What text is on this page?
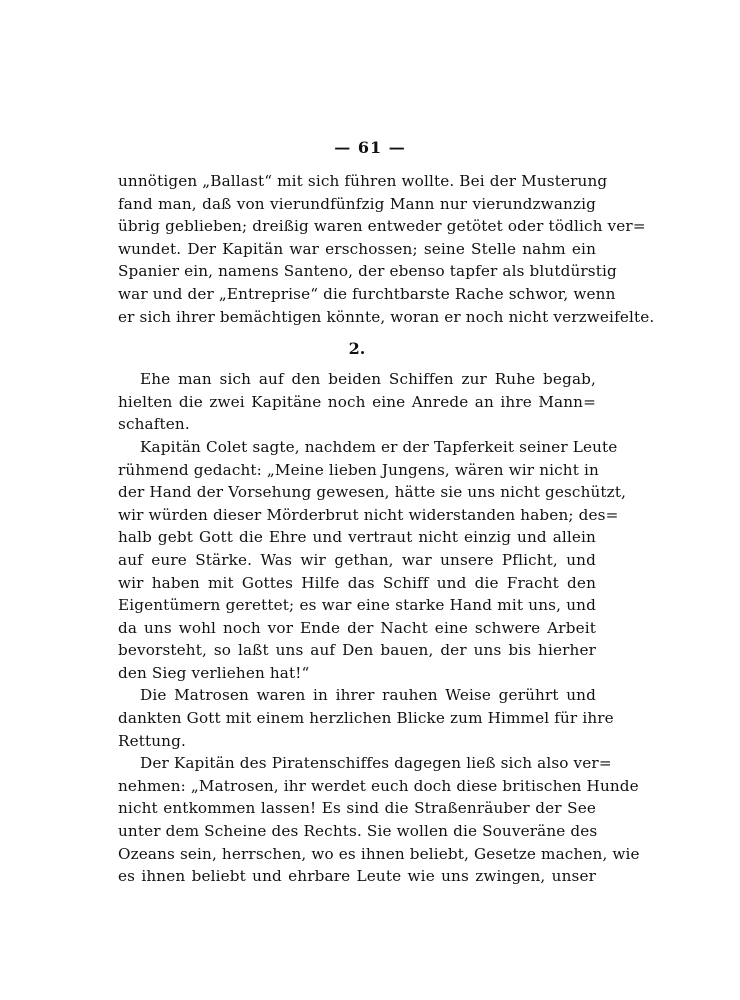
— 61 —
unnötigen „Ballast“ mit sich führen wollte. Bei der Musterung
fand man, daß von vierundfünfzig Mann nur vierundzwanzig
übrig geblieben; dreißig waren entweder getötet oder tödlich ver=
wundet. Der Kapitän war erschossen; seine Stelle nahm ein
Spanier ein, namens Santeno, der ebenso tapfer als blutdürstig
war und der „Entreprise“ die furchtbarste Rache schwor, wenn
er sich ihrer bemächtigen könnte, woran er noch nicht verzweifelte.
2.
Ehe man sich auf den beiden Schiffen zur Ruhe begab,
hielten die zwei Kapitäne noch eine Anrede an ihre Mann=
schaften.
Kapitän Colet sagte, nachdem er der Tapferkeit seiner Leute
rühmend gedacht: „Meine lieben Jungens, wären wir nicht in
der Hand der Vorsehung gewesen, hätte sie uns nicht geschützt,
wir würden dieser Mörderbrut nicht widerstanden haben; des=
halb gebt Gott die Ehre und vertraut nicht einzig und allein
auf eure Stärke. Was wir gethan, war unsere Pflicht, und
wir haben mit Gottes Hilfe das Schiff und die Fracht den
Eigentümern gerettet; es war eine starke Hand mit uns, und
da uns wohl noch vor Ende der Nacht eine schwere Arbeit
bevorsteht, so laßt uns auf Den bauen, der uns bis hierher
den Sieg verliehen hat!“
Die Matrosen waren in ihrer rauhen Weise gerührt und
dankten Gott mit einem herzlichen Blicke zum Himmel für ihre
Rettung.
Der Kapitän des Piratenschiffes dagegen ließ sich also ver=
nehmen: „Matrosen, ihr werdet euch doch diese britischen Hunde
nicht entkommen lassen! Es sind die Straßenräuber der See
unter dem Scheine des Rechts. Sie wollen die Souveräne des
Ozeans sein, herrschen, wo es ihnen beliebt, Gesetze machen, wie
es ihnen beliebt und ehrbare Leute wie uns zwingen, unser
